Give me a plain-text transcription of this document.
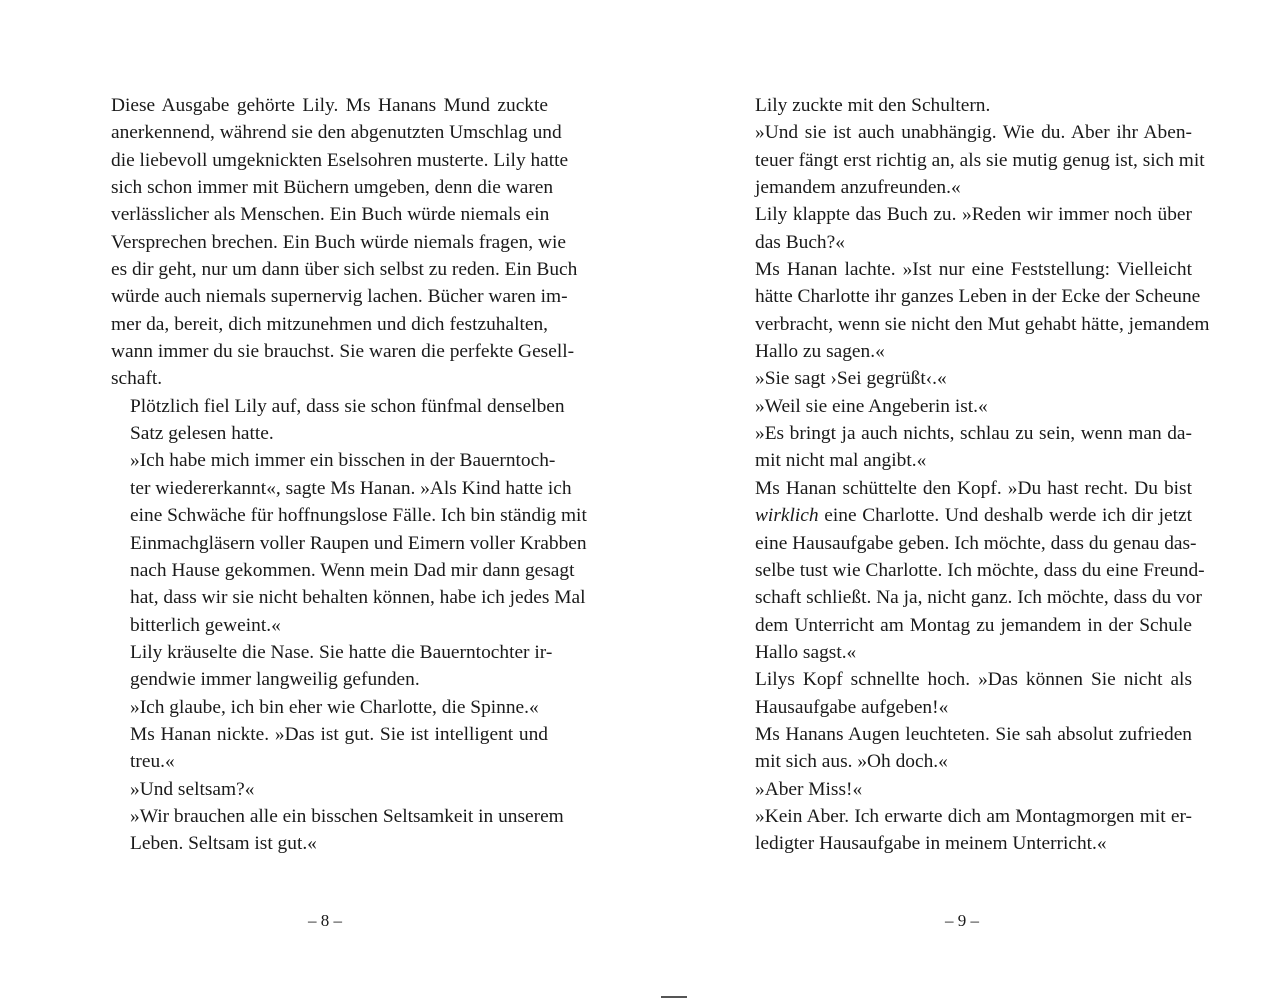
Diese Ausgabe gehörte Lily. Ms Hanans Mund zuckte
anerkennend, während sie den abgenutzten Umschlag und
die liebevoll umgeknickten Eselsohren musterte. Lily hatte
sich schon immer mit Büchern umgeben, denn die waren
verlässlicher als Menschen. Ein Buch würde niemals ein
Versprechen brechen. Ein Buch würde niemals fragen, wie
es dir geht, nur um dann über sich selbst zu reden. Ein Buch
würde auch niemals supernervig lachen. Bücher waren im-
mer da, bereit, dich mitzunehmen und dich festzuhalten,
wann immer du sie brauchst. Sie waren die perfekte Gesell-
schaft.

Plötzlich fiel Lily auf, dass sie schon fünfmal denselben
Satz gelesen hatte.

»Ich habe mich immer ein bisschen in der Bauerntoch-
ter wiedererkannt«, sagte Ms Hanan. »Als Kind hatte ich
eine Schwäche für hoffnungslose Fälle. Ich bin ständig mit
Einmachgläsern voller Raupen und Eimern voller Krabben
nach Hause gekommen. Wenn mein Dad mir dann gesagt
hat, dass wir sie nicht behalten können, habe ich jedes Mal
bitterlich geweint.«

Lily kräuselte die Nase. Sie hatte die Bauerntochter ir-
gendwie immer langweilig gefunden.

»Ich glaube, ich bin eher wie Charlotte, die Spinne.«

Ms Hanan nickte. »Das ist gut. Sie ist intelligent und
treu.«

»Und seltsam?«

»Wir brauchen alle ein bisschen Seltsamkeit in unserem
Leben. Seltsam ist gut.«

Lily zuckte mit den Schultern.

»Und sie ist auch unabhängig. Wie du. Aber ihr Aben-
teuer fängt erst richtig an, als sie mutig genug ist, sich mit
jemandem anzufreunden.«

Lily klappte das Buch zu. »Reden wir immer noch über
das Buch?«

Ms Hanan lachte. »Ist nur eine Feststellung: Vielleicht
hätte Charlotte ihr ganzes Leben in der Ecke der Scheune
verbracht, wenn sie nicht den Mut gehabt hätte, jemandem
Hallo zu sagen.«

»Sie sagt ›Sei gegrüßt‹.«

»Weil sie eine Angeberin ist.«

»Es bringt ja auch nichts, schlau zu sein, wenn man da-
mit nicht mal angibt.«

Ms Hanan schüttelte den Kopf. »Du hast recht. Du bist
wirklich eine Charlotte. Und deshalb werde ich dir jetzt
eine Hausaufgabe geben. Ich möchte, dass du genau das-
selbe tust wie Charlotte. Ich möchte, dass du eine Freund-
schaft schließt. Na ja, nicht ganz. Ich möchte, dass du vor
dem Unterricht am Montag zu jemandem in der Schule
Hallo sagst.«

Lilys Kopf schnellte hoch. »Das können Sie nicht als
Hausaufgabe aufgeben!«

Ms Hanans Augen leuchteten. Sie sah absolut zufrieden
mit sich aus. »Oh doch.«

»Aber Miss!«

»Kein Aber. Ich erwarte dich am Montagmorgen mit er-
ledigter Hausaufgabe in meinem Unterricht.«

– 8 –	– 9 –
